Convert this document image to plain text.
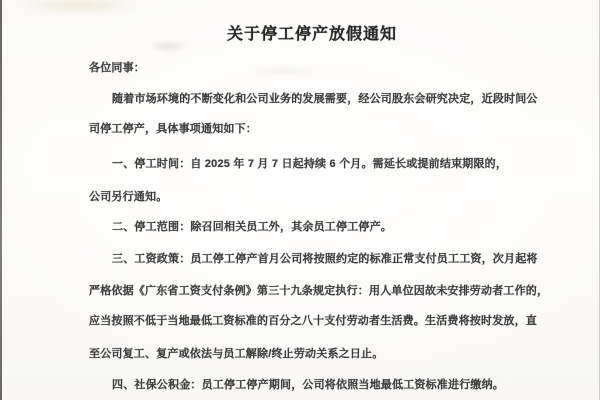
关于停工停产放假通知
各位同事：
随着市场环境的不断变化和公司业务的发展需要，经公司股东会研究决定，近段时间公
司停工停产，具体事项通知如下：
一、停工时间：自 2025 年 7 月 7 日起持续 6 个月。需延长或提前结束期限的，
公司另行通知。
二、停工范围：除召回相关员工外，其余员工停工停产。
三、工资政策：员工停工停产首月公司将按照约定的标准正常支付员工工资，次月起将
严格依据《广东省工资支付条例》第三十九条规定执行：用人单位因故未安排劳动者工作的，
应当按照不低于当地最低工资标准的百分之八十支付劳动者生活费。生活费将按时发放，直
至公司复工、复产或依法与员工解除/终止劳动关系之日止。
四、社保公积金：员工停工停产期间，公司将依照当地最低工资标准进行缴纳。
